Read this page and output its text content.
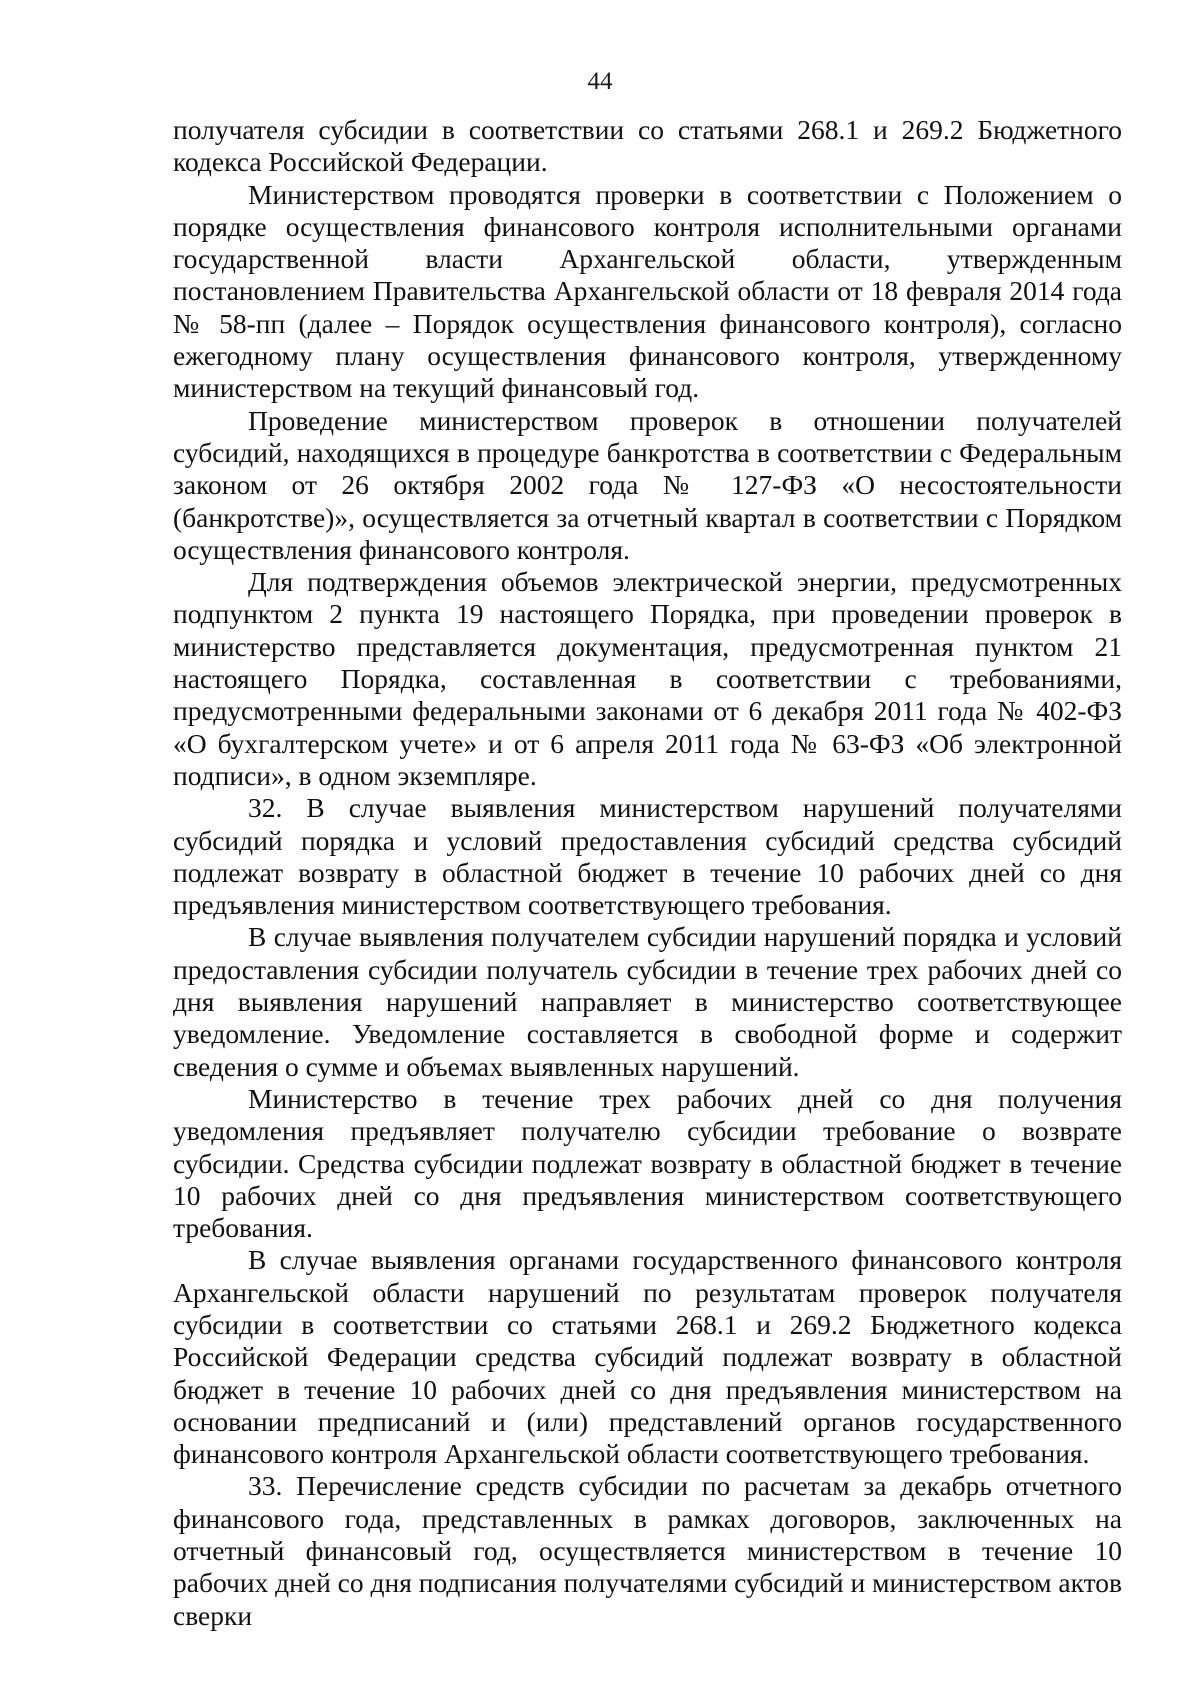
44

получателя субсидии в соответствии со статьями 268.1 и 269.2 Бюджетного кодекса Российской Федерации.

Министерством проводятся проверки в соответствии с Положением о порядке осуществления финансового контроля исполнительными органами государственной власти Архангельской области, утвержденным постановлением Правительства Архангельской области от 18 февраля 2014 года № 58-пп (далее – Порядок осуществления финансового контроля), согласно ежегодному плану осуществления финансового контроля, утвержденному министерством на текущий финансовый год.

Проведение министерством проверок в отношении получателей субсидий, находящихся в процедуре банкротства в соответствии с Федеральным законом от 26 октября 2002 года № 127-ФЗ «О несостоятельности (банкротстве)», осуществляется за отчетный квартал в соответствии с Порядком осуществления финансового контроля.

Для подтверждения объемов электрической энергии, предусмотренных подпунктом 2 пункта 19 настоящего Порядка, при проведении проверок в министерство представляется документация, предусмотренная пунктом 21 настоящего Порядка, составленная в соответствии с требованиями, предусмотренными федеральными законами от 6 декабря 2011 года № 402-ФЗ «О бухгалтерском учете» и от 6 апреля 2011 года № 63-ФЗ «Об электронной подписи», в одном экземпляре.

32. В случае выявления министерством нарушений получателями субсидий порядка и условий предоставления субсидий средства субсидий подлежат возврату в областной бюджет в течение 10 рабочих дней со дня предъявления министерством соответствующего требования.

В случае выявления получателем субсидии нарушений порядка и условий предоставления субсидии получатель субсидии в течение трех рабочих дней со дня выявления нарушений направляет в министерство соответствующее уведомление. Уведомление составляется в свободной форме и содержит сведения о сумме и объемах выявленных нарушений.

Министерство в течение трех рабочих дней со дня получения уведомления предъявляет получателю субсидии требование о возврате субсидии. Средства субсидии подлежат возврату в областной бюджет в течение 10 рабочих дней со дня предъявления министерством соответствующего требования.

В случае выявления органами государственного финансового контроля Архангельской области нарушений по результатам проверок получателя субсидии в соответствии со статьями 268.1 и 269.2 Бюджетного кодекса Российской Федерации средства субсидий подлежат возврату в областной бюджет в течение 10 рабочих дней со дня предъявления министерством на основании предписаний и (или) представлений органов государственного финансового контроля Архангельской области соответствующего требования.

33. Перечисление средств субсидии по расчетам за декабрь отчетного финансового года, представленных в рамках договоров, заключенных на отчетный финансовый год, осуществляется министерством в течение 10 рабочих дней со дня подписания получателями субсидий и министерством актов сверки
